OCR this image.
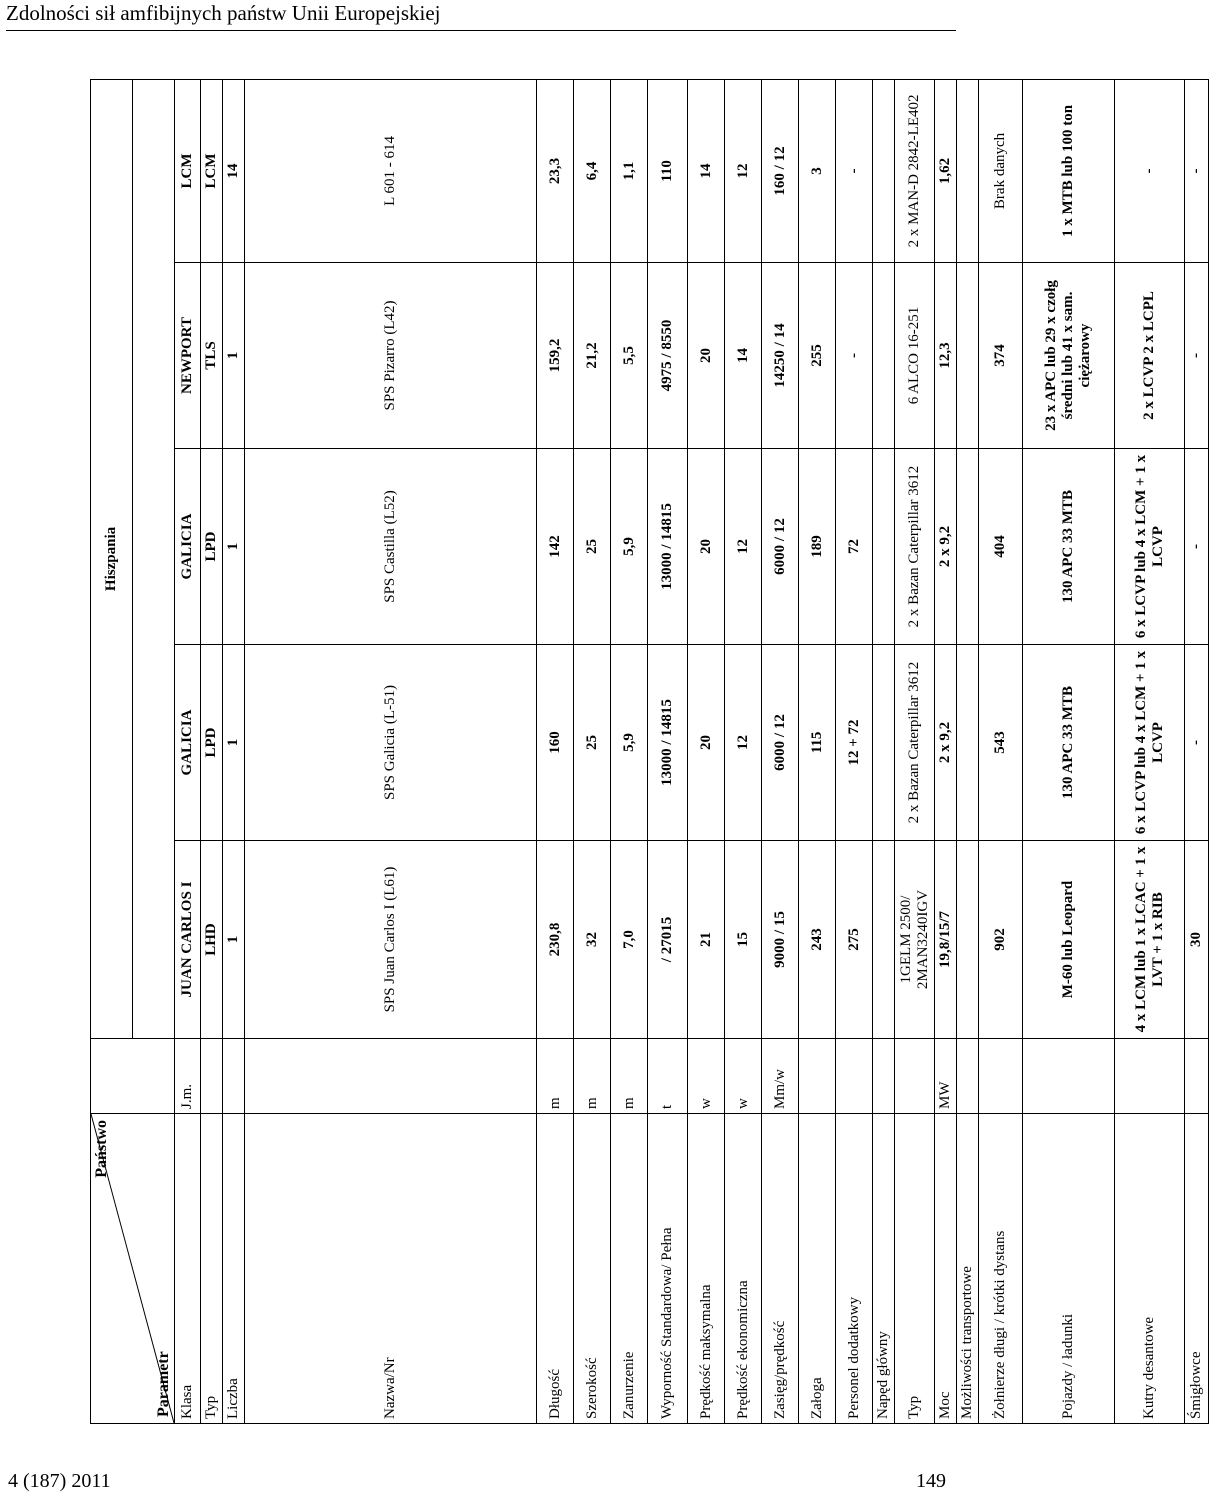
Zdolności sił amfibijnych państw Unii Europejskiej
Państwo
Parametr		Hiszpania					

Klasa	J.m.	JUAN CARLOS I	GALICIA	GALICIA	NEWPORT	LCM	
Typ		LHD	LPD	LPD	TLS	LCM	
Liczba		1	1	1	1	14	
Nazwa/Nr		SPS Juan Carlos I (L61)	SPS Galicia (L-51)	SPS Castilla (L52)	SPS Pizarro (L42)	L 601 - 614	
Długość	m	230,8	160	142	159,2	23,3	
Szerokość	m	32	25	25	21,2	6,4	
Zanurzenie	m	7,0	5,9	5,9	5,5	1,1	
Wyporność Standardowa/ Pełna	t	/ 27015	13000 / 14815	13000 / 14815	4975 / 8550	110	
Prędkość maksymalna	w	21	20	20	20	14	
Prędkość ekonomiczna	w	15	12	12	14	12	
Zasięg/prędkość	Mm/w	9000 / 15	6000 / 12	6000 / 12	14250 / 14	160 / 12	
Załoga		243	115	189	255	3	
Personel dodatkowy		275	12 + 72	72	-	-	
Napęd główny							
Typ		1GELM 2500/ 2MAN3240IGV	2 x Bazan Caterpillar 3612	2 x Bazan Caterpillar 3612	6 ALCO 16-251	2 x MAN-D 2842-LE402	
Moc	MW	19,8/15/7	2 x 9,2	2 x 9,2	12,3	1,62	
Możliwości transportowe							
Żołnierze długi / krótki dystans		902	543	404	374	Brak danych	
Pojazdy / ładunki		M-60 lub Leopard	130 APC 33 MTB	130 APC 33 MTB	23 x APC lub 29 x czołg średni lub 41 x sam. ciężarowy	1 x MTB lub 100 ton	
Kutry desantowe		4 x LCM lub 1 x LCAC + 1 x LVT + 1 x RIB	6 x LCVP lub 4 x LCM + 1 x LCVP	6 x LCVP lub 4 x LCM + 1 x LCVP	2 x LCVP 2 x LCPL	-	
Śmigłowce		30	-	-	-	-	
4 (187) 2011	149
